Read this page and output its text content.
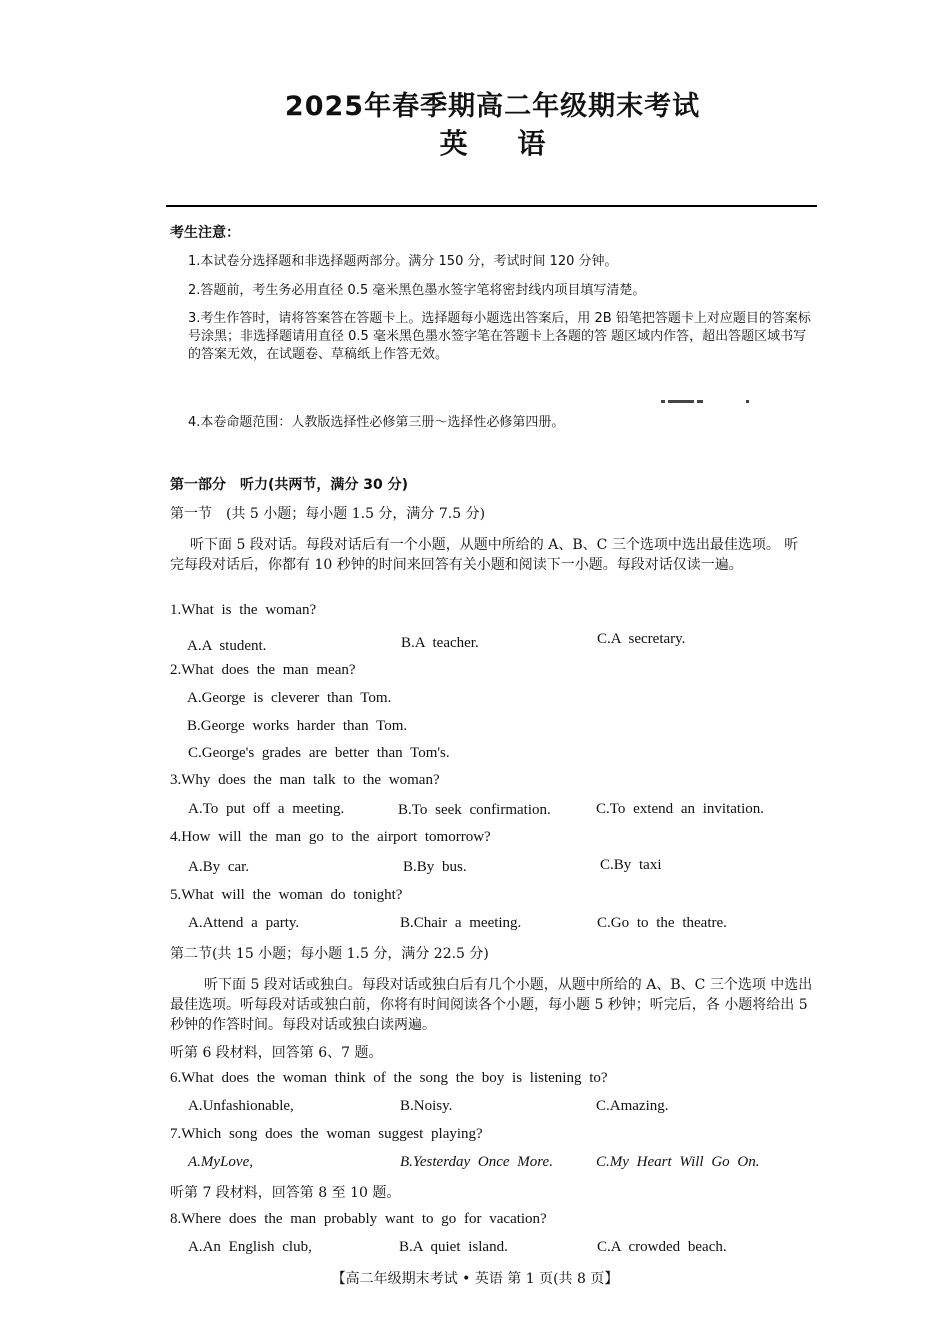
2025年春季期高二年级期末考试
英 语
考生注意：
1.本试卷分选择题和非选择题两部分。满分 150 分，考试时间 120 分钟。
2.答题前，考生务必用直径 0.5 毫米黑色墨水签字笔将密封线内项目填写清楚。
3.考生作答时，请将答案答在答题卡上。选择题每小题选出答案后，用 2B 铅笔把答题卡上对应题目的答案标号涂黑；非选择题请用直径 0.5 毫米黑色墨水签字笔在答题卡上各题的答 题区域内作答，超出答题区域书写的答案无效，在试题卷、草稿纸上作答无效。
4.本卷命题范围：人教版选择性必修第三册～选择性必修第四册。
第一部分　听力(共两节，满分 30 分)
第一节　(共 5 小题；每小题 1.5 分，满分 7.5 分)
听下面 5 段对话。每段对话后有一个小题，从题中所给的 A、B、C 三个选项中选出最佳选项。 听完每段对话后，你都有 10 秒钟的时间来回答有关小题和阅读下一小题。每段对话仅读一遍。
1.What is the woman?
A.A student.	B.A teacher.	C.A secretary.
2.What does the man mean?
A.George is cleverer than Tom.
B.George works harder than Tom.
C.George's grades are better than Tom's.
3.Why does the man talk to the woman?
A.To put off a meeting.	B.To seek confirmation.	C.To extend an invitation.
4.How will the man go to the airport tomorrow?
A.By car.	B.By bus.	C.By taxi
5.What will the woman do tonight?
A.Attend a party.	B.Chair a meeting.	C.Go to the theatre.
第二节(共 15 小题；每小题 1.5 分，满分 22.5 分)
听下面 5 段对话或独白。每段对话或独白后有几个小题，从题中所给的 A、B、C 三个选项 中选出最佳选项。听每段对话或独白前，你将有时间阅读各个小题，每小题 5 秒钟；听完后，各 小题将给出 5 秒钟的作答时间。每段对话或独白读两遍。
听第 6 段材料，回答第 6、7 题。
6.What does the woman think of the song the boy is listening to?
A.Unfashionable,	B.Noisy.	C.Amazing.
7.Which song does the woman suggest playing?
A.MyLove,	B.Yesterday Once More.	C.My Heart Will Go On.
听第 7 段材料，回答第 8 至 10 题。
8.Where does the man probably want to go for vacation?
A.An English club,	B.A quiet island.	C.A crowded beach.
【高二年级期末考试 • 英语 第 1 页(共 8 页】
